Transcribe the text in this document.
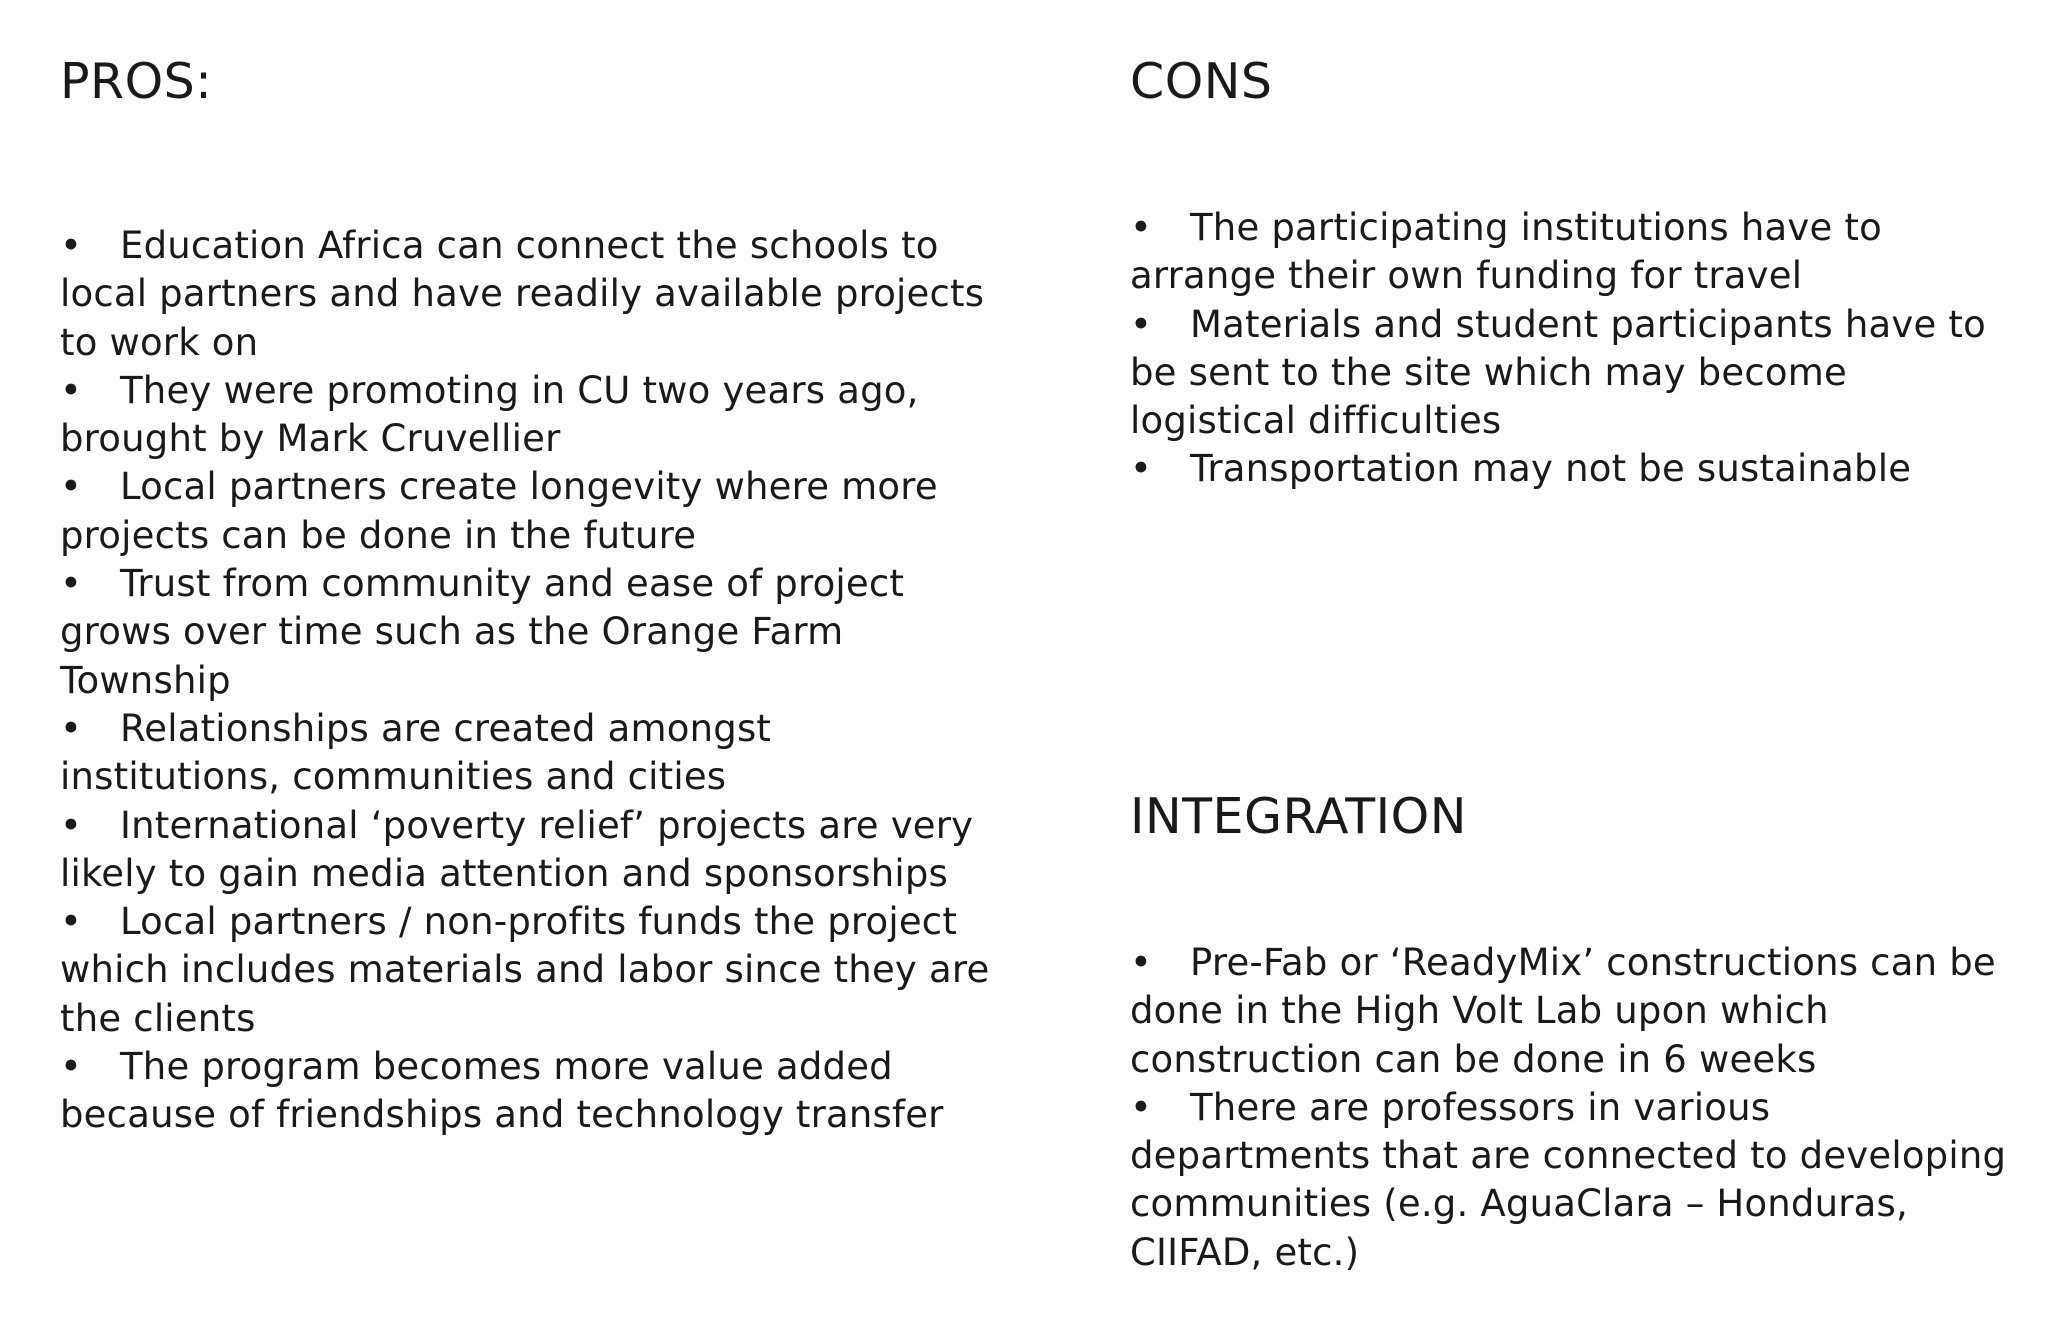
PROS:
• Education Africa can connect the schools to local partners and have readily available projects to work on
• They were promoting in CU two years ago, brought by Mark Cruvellier
• Local partners create longevity where more projects can be done in the future
• Trust from community and ease of project grows over time such as the Orange Farm Township
• Relationships are created amongst institutions, communities and cities
• International ‘poverty relief’ projects are very likely to gain media attention and sponsorships
• Local partners / non-profits funds the project which includes materials and labor since they are the clients
• The program becomes more value added because of friendships and technology transfer
CONS
• The participating institutions have to arrange their own funding for travel
• Materials and student participants have to be sent to the site which may become logistical difficulties
• Transportation may not be sustainable
INTEGRATION
• Pre-Fab or ‘ReadyMix’ constructions can be done in the High Volt Lab upon which construction can be done in 6 weeks
• There are professors in various departments that are connected to developing communities (e.g. AguaClara – Honduras, CIIFAD, etc.)
